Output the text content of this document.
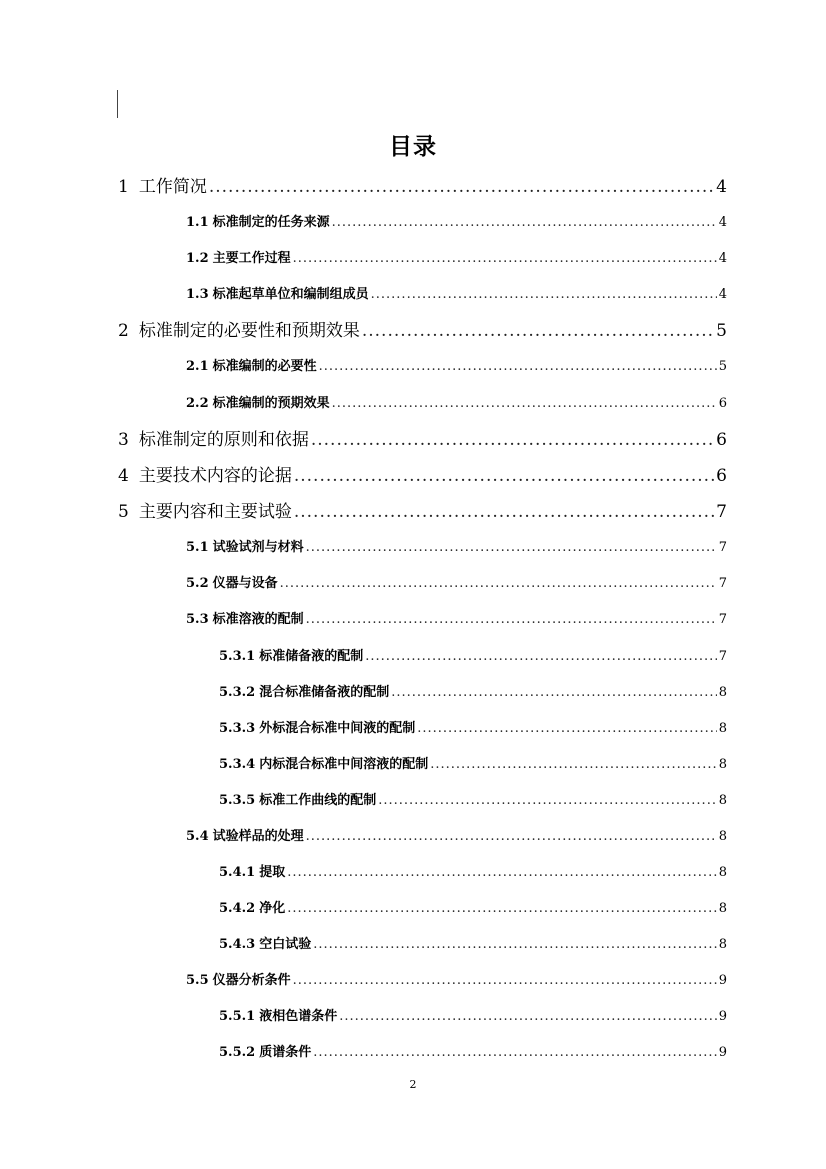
目录
1 工作简况 .....	4
1.1 标准制定的任务来源 .....	4
1.2 主要工作过程 .....	4
1.3 标准起草单位和编制组成员 .....	4
2 标准制定的必要性和预期效果 .....	5
2.1 标准编制的必要性 .....	5
2.2 标准编制的预期效果 .....	6
3 标准制定的原则和依据 .....	6
4 主要技术内容的论据 .....	6
5 主要内容和主要试验 .....	7
5.1 试验试剂与材料 .....	7
5.2 仪器与设备 .....	7
5.3 标准溶液的配制 .....	7
5.3.1 标准储备液的配制 .....	7
5.3.2 混合标准储备液的配制 .....	8
5.3.3 外标混合标准中间液的配制 .....	8
5.3.4 内标混合标准中间溶液的配制 .....	8
5.3.5 标准工作曲线的配制 .....	8
5.4 试验样品的处理 .....	8
5.4.1 提取 .....	8
5.4.2 净化 .....	8
5.4.3 空白试验 .....	8
5.5 仪器分析条件 .....	9
5.5.1 液相色谱条件 .....	9
5.5.2 质谱条件 .....	9
2
